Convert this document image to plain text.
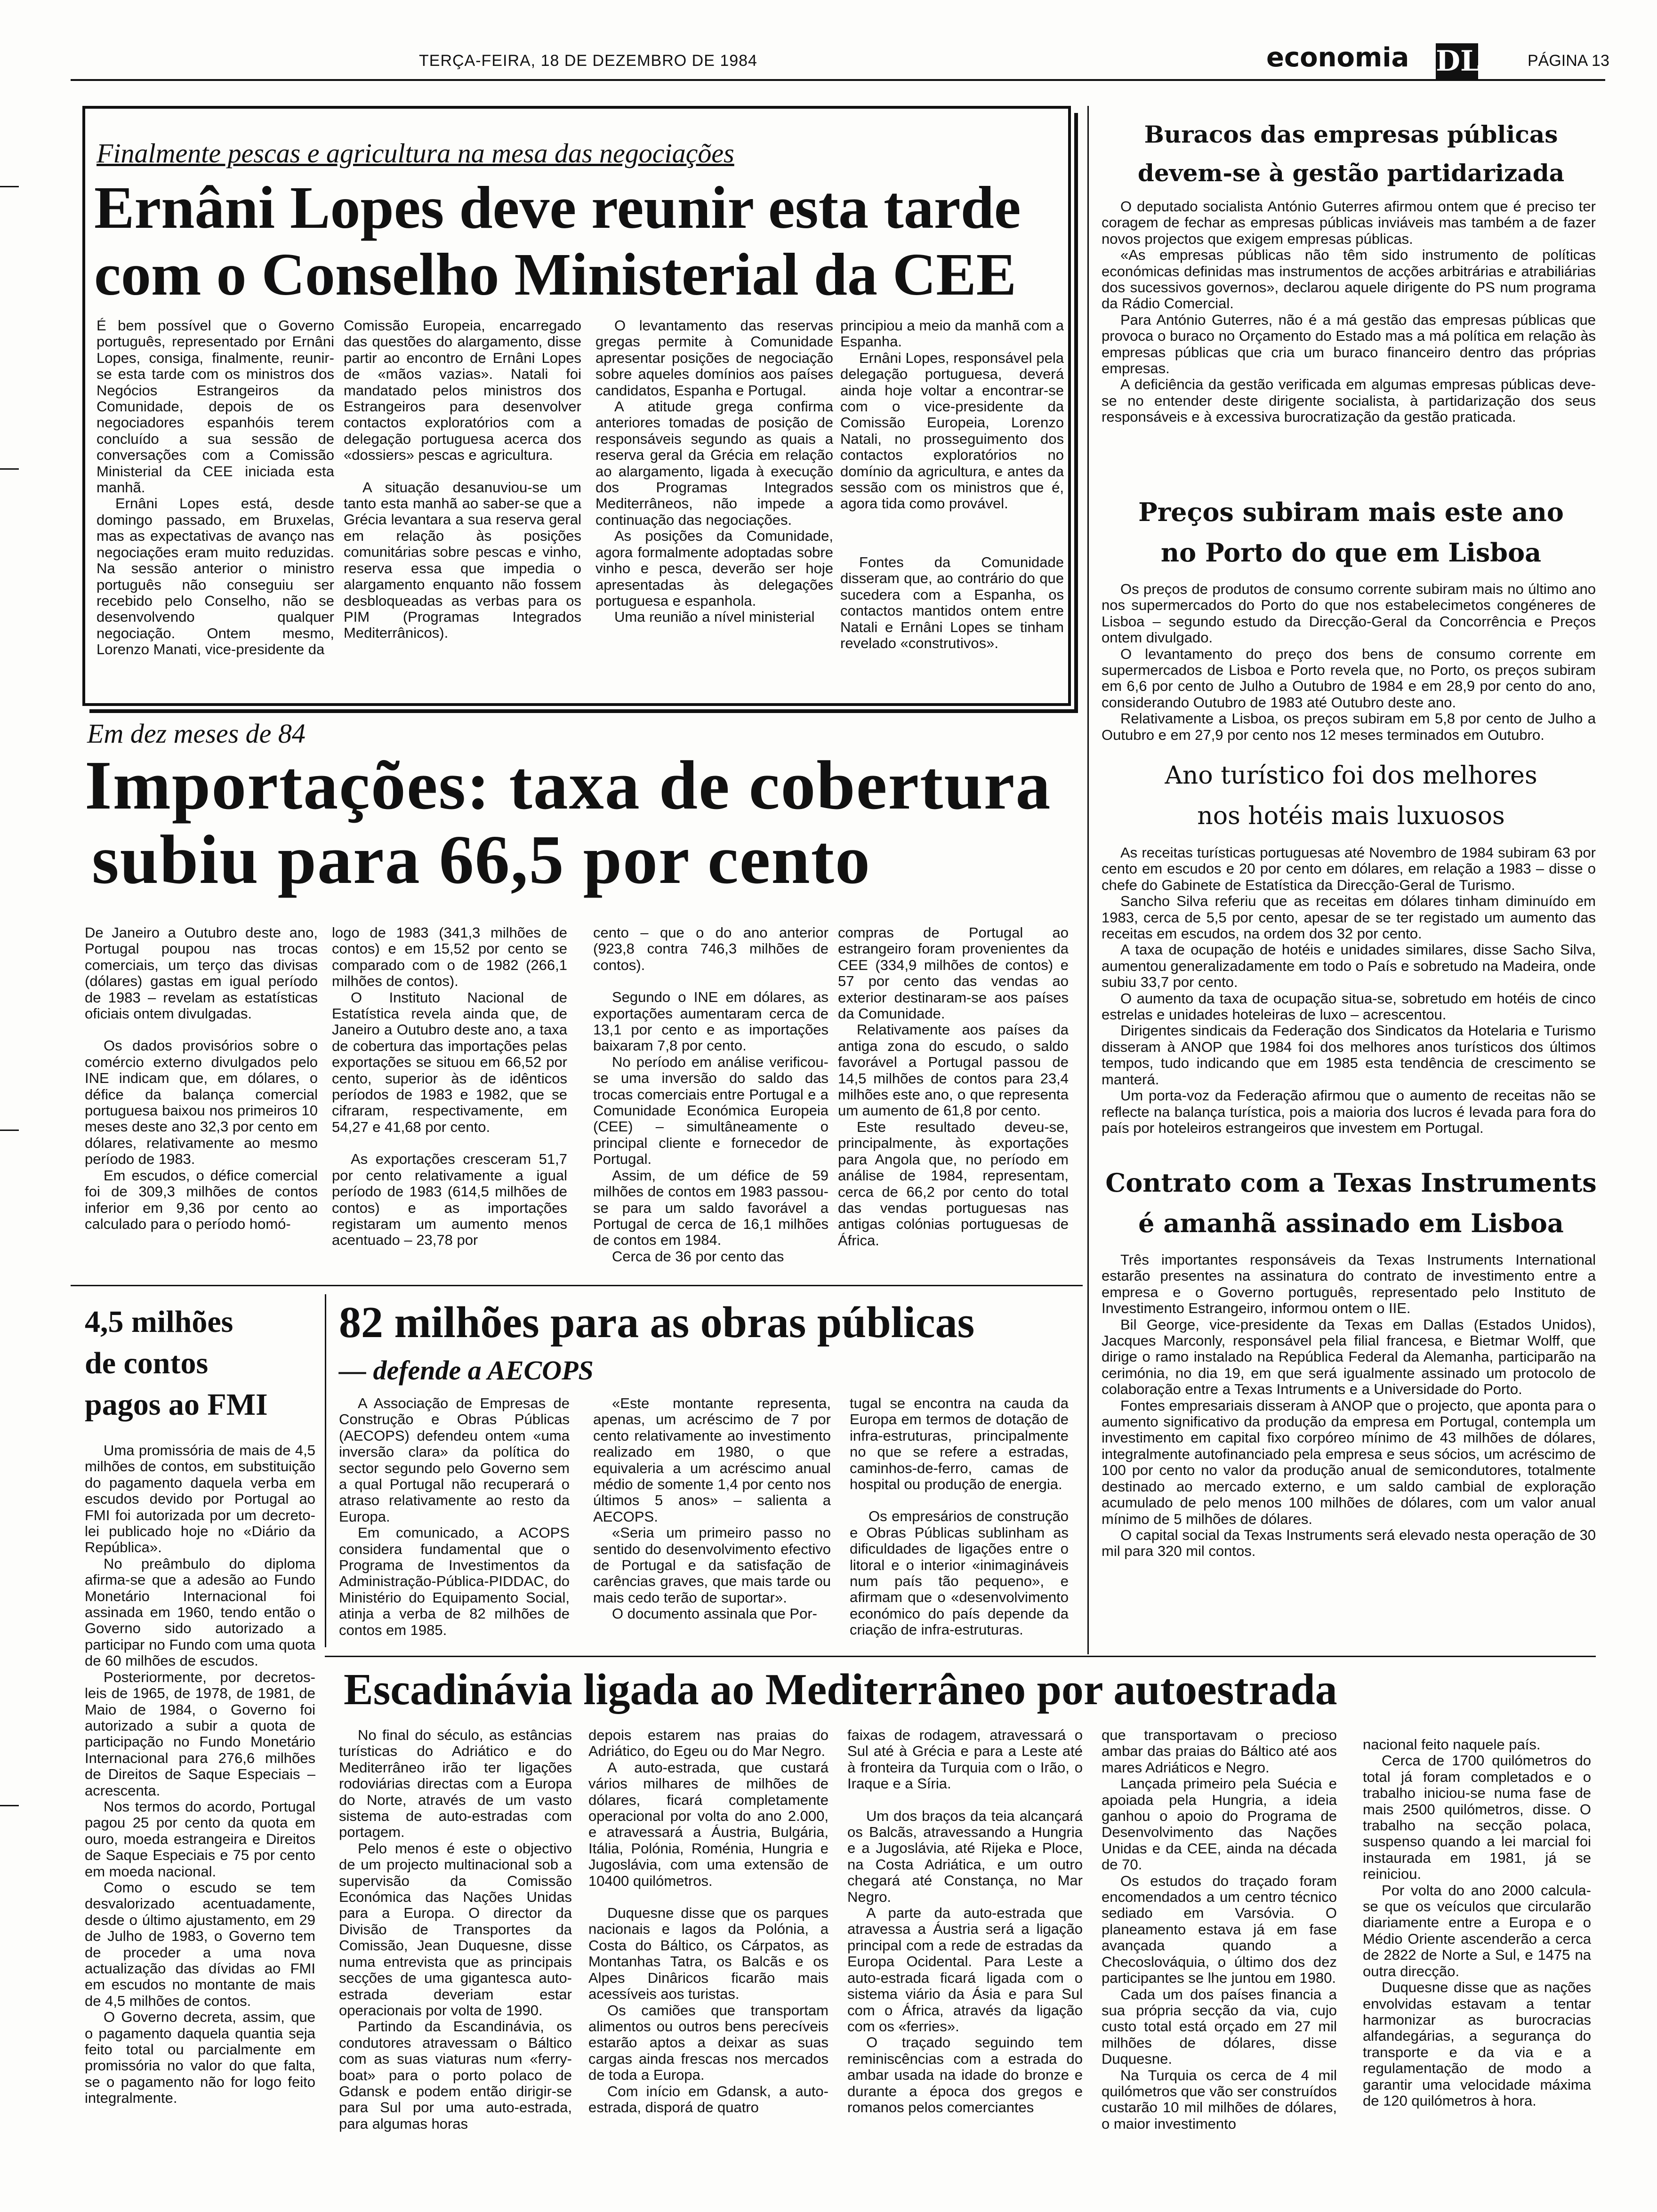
TERÇA-FEIRA, 18 DE DEZEMBRO DE 1984	economia DL	PÁGINA 13
Finalmente pescas e agricultura na mesa das negociações
Ernâni Lopes deve reunir esta tarde
com o Conselho Ministerial da CEE

É bem possível que o Governo português, representado por Ernâni Lopes, consiga, finalmente, reunir-se esta tarde com os ministros dos Negócios Estrangeiros da Comunidade, depois de os negociadores espanhóis terem concluído a sua sessão de conversações com a Comissão Ministerial da CEE iniciada esta manhã.

Ernâni Lopes está, desde domingo passado, em Bruxelas, mas as expectativas de avanço nas negociações eram muito reduzidas. Na sessão anterior o ministro português não conseguiu ser recebido pelo Conselho, não se desenvolvendo qualquer negociação. Ontem mesmo, Lorenzo Manati, vice-presidente da

Comissão Europeia, encarregado das questões do alargamento, disse partir ao encontro de Ernâni Lopes de «mãos vazias». Natali foi mandatado pelos ministros dos Estrangeiros para desenvolver contactos exploratórios com a delegação portuguesa acerca dos «dossiers» pescas e agricultura.

A situação desanuviou-se um tanto esta manhã ao saber-se que a Grécia levantara a sua reserva geral em relação às posições comunitárias sobre pescas e vinho, reserva essa que impedia o alargamento enquanto não fossem desbloqueadas as verbas para os PIM (Programas Integrados Mediterrânicos).

O levantamento das reservas gregas permite à Comunidade apresentar posições de negociação sobre aqueles domínios aos países candidatos, Espanha e Portugal.

A atitude grega confirma anteriores tomadas de posição de responsáveis segundo as quais a reserva geral da Grécia em relação ao alargamento, ligada à execução dos Programas Integrados Mediterrâneos, não impede a continuação das negociações.

As posições da Comunidade, agora formalmente adoptadas sobre vinho e pesca, deverão ser hoje apresentadas às delegações portuguesa e espanhola.

Uma reunião a nível ministerial

principiou a meio da manhã com a Espanha.

Ernâni Lopes, responsável pela delegação portuguesa, deverá ainda hoje voltar a encontrar-se com o vice-presidente da Comissão Europeia, Lorenzo Natali, no prosseguimento dos contactos exploratórios no domínio da agricultura, e antes da sessão com os ministros que é, agora tida como provável.

Fontes da Comunidade disseram que, ao contrário do que sucedera com a Espanha, os contactos mantidos ontem entre Natali e Ernâni Lopes se tinham revelado «construtivos».

Em dez meses de 84
Importações: taxa de cobertura
subiu para 66,5 por cento

De Janeiro a Outubro deste ano, Portugal poupou nas trocas comerciais, um terço das divisas (dólares) gastas em igual período de 1983 – revelam as estatísticas oficiais ontem divulgadas.

Os dados provisórios sobre o comércio externo divulgados pelo INE indicam que, em dólares, o défice da balança comercial portuguesa baixou nos primeiros 10 meses deste ano 32,3 por cento em dólares, relativamente ao mesmo período de 1983.

Em escudos, o défice comercial foi de 309,3 milhões de contos inferior em 9,36 por cento ao calculado para o período homó-

logo de 1983 (341,3 milhões de contos) e em 15,52 por cento se comparado com o de 1982 (266,1 milhões de contos).

O Instituto Nacional de Estatística revela ainda que, de Janeiro a Outubro deste ano, a taxa de cobertura das importações pelas exportações se situou em 66,52 por cento, superior às de idênticos períodos de 1983 e 1982, que se cifraram, respectivamente, em 54,27 e 41,68 por cento.

As exportações cresceram 51,7 por cento relativamente a igual período de 1983 (614,5 milhões de contos) e as importações registaram um aumento menos acentuado – 23,78 por

cento – que o do ano anterior (923,8 contra 746,3 milhões de contos).

Segundo o INE em dólares, as exportações aumentaram cerca de 13,1 por cento e as importações baixaram 7,8 por cento.

No período em análise verificou-se uma inversão do saldo das trocas comerciais entre Portugal e a Comunidade Económica Europeia (CEE) – simultâneamente o principal cliente e fornecedor de Portugal.

Assim, de um défice de 59 milhões de contos em 1983 passou-se para um saldo favorável a Portugal de cerca de 16,1 milhões de contos em 1984.

Cerca de 36 por cento das

compras de Portugal ao estrangeiro foram provenientes da CEE (334,9 milhões de contos) e 57 por cento das vendas ao exterior destinaram-se aos países da Comunidade.

Relativamente aos países da antiga zona do escudo, o saldo favorável a Portugal passou de 14,5 milhões de contos para 23,4 milhões este ano, o que representa um aumento de 61,8 por cento.

Este resultado deveu-se, principalmente, às exportações para Angola que, no período em análise de 1984, representam, cerca de 66,2 por cento do total das vendas portuguesas nas antigas colónias portuguesas de África.

4,5 milhões
de contos
pagos ao FMI

Uma promissória de mais de 4,5 milhões de contos, em substituição do pagamento daquela verba em escudos devido por Portugal ao FMI foi autorizada por um decreto-lei publicado hoje no «Diário da República».

No preâmbulo do diploma afirma-se que a adesão ao Fundo Monetário Internacional foi assinada em 1960, tendo então o Governo sido autorizado a participar no Fundo com uma quota de 60 milhões de escudos.

Posteriormente, por decretos-leis de 1965, de 1978, de 1981, de Maio de 1984, o Governo foi autorizado a subir a quota de participação no Fundo Monetário Internacional para 276,6 milhões de Direitos de Saque Especiais – acrescenta.

Nos termos do acordo, Portugal pagou 25 por cento da quota em ouro, moeda estrangeira e Direitos de Saque Especiais e 75 por cento em moeda nacional.

Como o escudo se tem desvalorizado acentuadamente, desde o último ajustamento, em 29 de Julho de 1983, o Governo tem de proceder a uma nova actualização das dívidas ao FMI em escudos no montante de mais de 4,5 milhões de contos.

O Governo decreta, assim, que o pagamento daquela quantia seja feito total ou parcialmente em promissória no valor do que falta, se o pagamento não for logo feito integralmente.

82 milhões para as obras públicas
— defende a AECOPS

A Associação de Empresas de Construção e Obras Públicas (AECOPS) defendeu ontem «uma inversão clara» da política do sector segundo pelo Governo sem a qual Portugal não recuperará o atraso relativamente ao resto da Europa.

Em comunicado, a ACOPS considera fundamental que o Programa de Investimentos da Administração-Pública-PIDDAC, do Ministério do Equipamento Social, atinja a verba de 82 milhões de contos em 1985.

«Este montante representa, apenas, um acréscimo de 7 por cento relativamente ao investimento realizado em 1980, o que equivaleria a um acréscimo anual médio de somente 1,4 por cento nos últimos 5 anos» – salienta a AECOPS.

«Seria um primeiro passo no sentido do desenvolvimento efectivo de Portugal e da satisfação de carências graves, que mais tarde ou mais cedo terão de suportar».

O documento assinala que Por-

tugal se encontra na cauda da Europa em termos de dotação de infra-estruturas, principalmente no que se refere a estradas, caminhos-de-ferro, camas de hospital ou produção de energia.

Os empresários de construção e Obras Públicas sublinham as dificuldades de ligações entre o litoral e o interior «inimagináveis num país tão pequeno», e afirmam que o «desenvolvimento económico do país depende da criação de infra-estruturas.

Escadinávia ligada ao Mediterrâneo por autoestrada

No final do século, as estâncias turísticas do Adriático e do Mediterrâneo irão ter ligações rodoviárias directas com a Europa do Norte, através de um vasto sistema de auto-estradas com portagem.

Pelo menos é este o objectivo de um projecto multinacional sob a supervisão da Comissão Económica das Nações Unidas para a Europa. O director da Divisão de Transportes da Comissão, Jean Duquesne, disse numa entrevista que as principais secções de uma gigantesca auto-estrada deveriam estar operacionais por volta de 1990.

Partindo da Escandinávia, os condutores atravessam o Báltico com as suas viaturas num «ferry-boat» para o porto polaco de Gdansk e podem então dirigir-se para Sul por uma auto-estrada, para algumas horas

depois estarem nas praias do Adriático, do Egeu ou do Mar Negro.

A auto-estrada, que custará vários milhares de milhões de dólares, ficará completamente operacional por volta do ano 2.000, e atravessará a Áustria, Bulgária, Itália, Polónia, Roménia, Hungria e Jugoslávia, com uma extensão de 10400 quilómetros.

Duquesne disse que os parques nacionais e lagos da Polónia, a Costa do Báltico, os Cárpatos, as Montanhas Tatra, os Balcãs e os Alpes Dinâricos ficarão mais acessíveis aos turistas.

Os camiões que transportam alimentos ou outros bens perecíveis estarão aptos a deixar as suas cargas ainda frescas nos mercados de toda a Europa.

Com início em Gdansk, a auto-estrada, disporá de quatro

faixas de rodagem, atravessará o Sul até à Grécia e para a Leste até à fronteira da Turquia com o Irão, o Iraque e a Síria.

Um dos braços da teia alcançará os Balcãs, atravessando a Hungria e a Jugoslávia, até Rijeka e Ploce, na Costa Adriática, e um outro chegará até Constança, no Mar Negro.

A parte da auto-estrada que atravessa a Áustria será a ligação principal com a rede de estradas da Europa Ocidental. Para Leste a auto-estrada ficará ligada com o sistema viário da Ásia e para Sul com o África, através da ligação com os «ferries».

O traçado seguindo tem reminiscências com a estrada do ambar usada na idade do bronze e durante a época dos gregos e romanos pelos comerciantes

que transportavam o precioso ambar das praias do Báltico até aos mares Adriáticos e Negro.

Lançada primeiro pela Suécia e apoiada pela Hungria, a ideia ganhou o apoio do Programa de Desenvolvimento das Nações Unidas e da CEE, ainda na década de 70.

Os estudos do traçado foram encomendados a um centro técnico sediado em Varsóvia. O planeamento estava já em fase avançada quando a Checoslováquia, o último dos dez participantes se lhe juntou em 1980.

Cada um dos países financia a sua própria secção da via, cujo custo total está orçado em 27 mil milhões de dólares, disse Duquesne.

Na Turquia os cerca de 4 mil quilómetros que vão ser construídos custarão 10 mil milhões de dólares, o maior investimento

nacional feito naquele país.

Cerca de 1700 quilómetros do total já foram completados e o trabalho iniciou-se numa fase de mais 2500 quilómetros, disse. O trabalho na secção polaca, suspenso quando a lei marcial foi instaurada em 1981, já se reiniciou.

Por volta do ano 2000 calcula-se que os veículos que circularão diariamente entre a Europa e o Médio Oriente ascenderão a cerca de 2822 de Norte a Sul, e 1475 na outra direcção.

Duquesne disse que as nações envolvidas estavam a tentar harmonizar as burocracias alfandegárias, a segurança do transporte e da via e a regulamentação de modo a garantir uma velocidade máxima de 120 quilómetros à hora.

Buracos das empresas públicas
devem-se à gestão partidarizada

O deputado socialista António Guterres afirmou ontem que é preciso ter coragem de fechar as empresas públicas inviáveis mas também a de fazer novos projectos que exigem empresas públicas.

«As empresas públicas não têm sido instrumento de políticas económicas definidas mas instrumentos de acções arbitrárias e atrabiliárias dos sucessivos governos», declarou aquele dirigente do PS num programa da Rádio Comercial.

Para António Guterres, não é a má gestão das empresas públicas que provoca o buraco no Orçamento do Estado mas a má política em relação às empresas públicas que cria um buraco financeiro dentro das próprias empresas.

A deficiência da gestão verificada em algumas empresas públicas deve-se no entender deste dirigente socialista, à partidarização dos seus responsáveis e à excessiva burocratização da gestão praticada.

Preços subiram mais este ano
no Porto do que em Lisboa

Os preços de produtos de consumo corrente subiram mais no último ano nos supermercados do Porto do que nos estabelecimetos congéneres de Lisboa – segundo estudo da Direcção-Geral da Concorrência e Preços ontem divulgado.

O levantamento do preço dos bens de consumo corrente em supermercados de Lisboa e Porto revela que, no Porto, os preços subiram em 6,6 por cento de Julho a Outubro de 1984 e em 28,9 por cento do ano, considerando Outubro de 1983 até Outubro deste ano.

Relativamente a Lisboa, os preços subiram em 5,8 por cento de Julho a Outubro e em 27,9 por cento nos 12 meses terminados em Outubro.

Ano turístico foi dos melhores
nos hotéis mais luxuosos

As receitas turísticas portuguesas até Novembro de 1984 subiram 63 por cento em escudos e 20 por cento em dólares, em relação a 1983 – disse o chefe do Gabinete de Estatística da Direcção-Geral de Turismo.

Sancho Silva referiu que as receitas em dólares tinham diminuído em 1983, cerca de 5,5 por cento, apesar de se ter registado um aumento das receitas em escudos, na ordem dos 32 por cento.

A taxa de ocupação de hotéis e unidades similares, disse Sacho Silva, aumentou generalizadamente em todo o País e sobretudo na Madeira, onde subiu 33,7 por cento.

O aumento da taxa de ocupação situa-se, sobretudo em hotéis de cinco estrelas e unidades hoteleiras de luxo – acrescentou.

Dirigentes sindicais da Federação dos Sindicatos da Hotelaria e Turismo disseram à ANOP que 1984 foi dos melhores anos turísticos dos últimos tempos, tudo indicando que em 1985 esta tendência de crescimento se manterá.

Um porta-voz da Federação afirmou que o aumento de receitas não se reflecte na balança turística, pois a maioria dos lucros é levada para fora do país por hoteleiros estrangeiros que investem em Portugal.

Contrato com a Texas Instruments
é amanhã assinado em Lisboa

Três importantes responsáveis da Texas Instruments International estarão presentes na assinatura do contrato de investimento entre a empresa e o Governo português, representado pelo Instituto de Investimento Estrangeiro, informou ontem o IIE.

Bil George, vice-presidente da Texas em Dallas (Estados Unidos), Jacques Marconly, responsável pela filial francesa, e Bietmar Wolff, que dirige o ramo instalado na República Federal da Alemanha, participarão na cerimónia, no dia 19, em que será igualmente assinado um protocolo de colaboração entre a Texas Intruments e a Universidade do Porto.

Fontes empresariais disseram à ANOP que o projecto, que aponta para o aumento significativo da produção da empresa em Portugal, contempla um investimento em capital fixo corpóreo mínimo de 43 milhões de dólares, integralmente autofinanciado pela empresa e seus sócios, um acréscimo de 100 por cento no valor da produção anual de semicondutores, totalmente destinado ao mercado externo, e um saldo cambial de exploração acumulado de pelo menos 100 milhões de dólares, com um valor anual mínimo de 5 milhões de dólares.

O capital social da Texas Instruments será elevado nesta operação de 30 mil para 320 mil contos.
